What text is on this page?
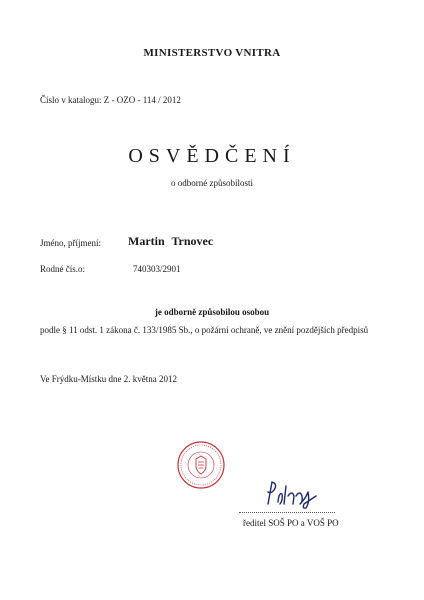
MINISTERSTVO VNITRA
Číslo v katalogu: Z - OZO - 114 / 2012
OSVĚDČENÍ
o odborné způsobilosti
Jméno, příjmení: Martin Trnovec
Rodné čís.o:	740303/2901
je odborně způsobilou osobou
podle § 11 odst. 1 zákona č. 133/1985 Sb., o požární ochraně, ve znění pozdějších předpisů
Ve Frýdku-Místku dne 2. května 2012
ředitel SOŠ PO a VOŠ PO
